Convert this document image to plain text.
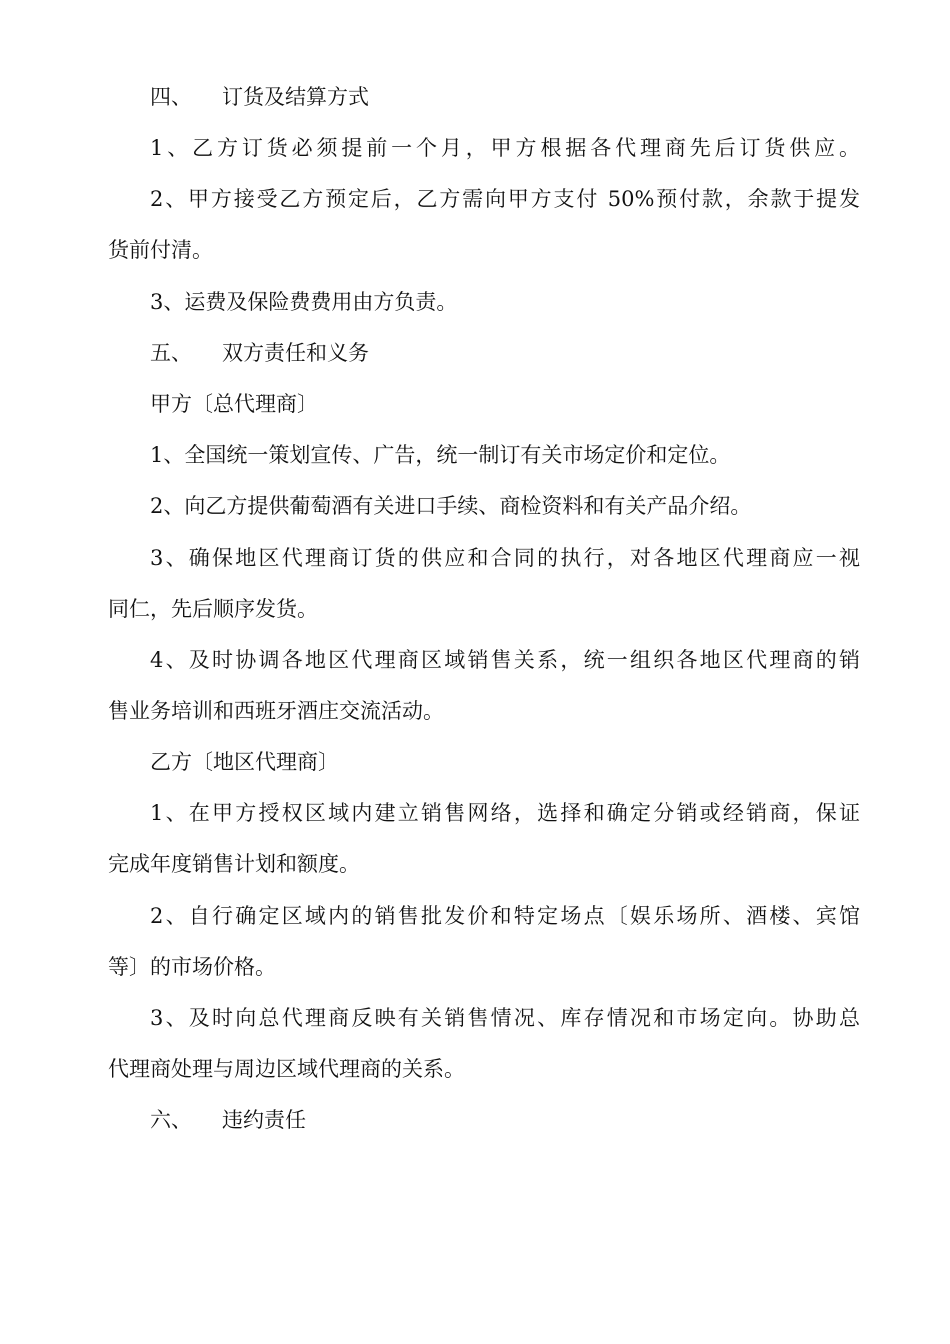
四、 订货及结算方式
1、乙方订货必须提前一个月，甲方根据各代理商先后订货供应。
2、甲方接受乙方预定后，乙方需向甲方支付 50%预付款，余款于提发
货前付清。
3、运费及保险费费用由方负责。
五、 双方责任和义务
甲方〔总代理商〕
1、全国统一策划宣传、广告，统一制订有关市场定价和定位。
2、向乙方提供葡萄酒有关进口手续、商检资料和有关产品介绍。
3、确保地区代理商订货的供应和合同的执行，对各地区代理商应一视
同仁，先后顺序发货。
4、及时协调各地区代理商区域销售关系，统一组织各地区代理商的销
售业务培训和西班牙酒庄交流活动。
乙方〔地区代理商〕
1、在甲方授权区域内建立销售网络，选择和确定分销或经销商，保证
完成年度销售计划和额度。
2、自行确定区域内的销售批发价和特定场点〔娱乐场所、酒楼、宾馆
等〕的市场价格。
3、及时向总代理商反映有关销售情况、库存情况和市场定向。协助总
代理商处理与周边区域代理商的关系。
六、 违约责任
